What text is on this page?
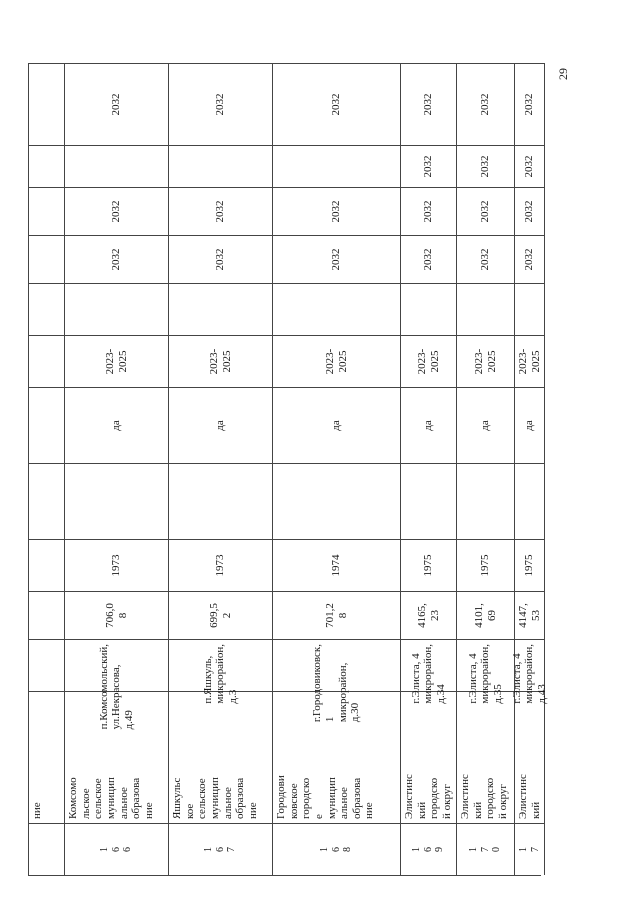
29
ние
1
6
6
Комсомо
льское
сельское
муницип
альное
образова
ние
п.Комсомольский,
ул.Некрасова, д.49
706,0
8
1973
да
2023-
2025
2032
2032
2032
1
6
7
Яшкульс
кое
сельское
муницип
альное
образова
ние
п.Яшкуль,
микрорайон, д.3
699,5
2
1973
да
2023-
2025
2032
2032
2032
1
6
8
Городови
ковское
городско
е
муницип
альное
образова
ние
г.Городовиковск, 1
микрорайон, д.30
701,2
8
1974
да
2023-
2025
2032
2032
2032
1
6
9
Элистинс
кий
городско
й округ
г.Элиста, 4
микрорайон, д.34
4165,
23
1975
да
2023-
2025
2032
2032
2032
2032
1
7
0
Элистинс
кий
городско
й округ
г.Элиста, 4
микрорайон, д.35
4101,
69
1975
да
2023-
2025
2032
2032
2032
2032
1
7
Элистинс
кий
г.Элиста, 4
микрорайон, д.43
4147,
53
1975
да
2023-
2025
2032
2032
2032
2032
